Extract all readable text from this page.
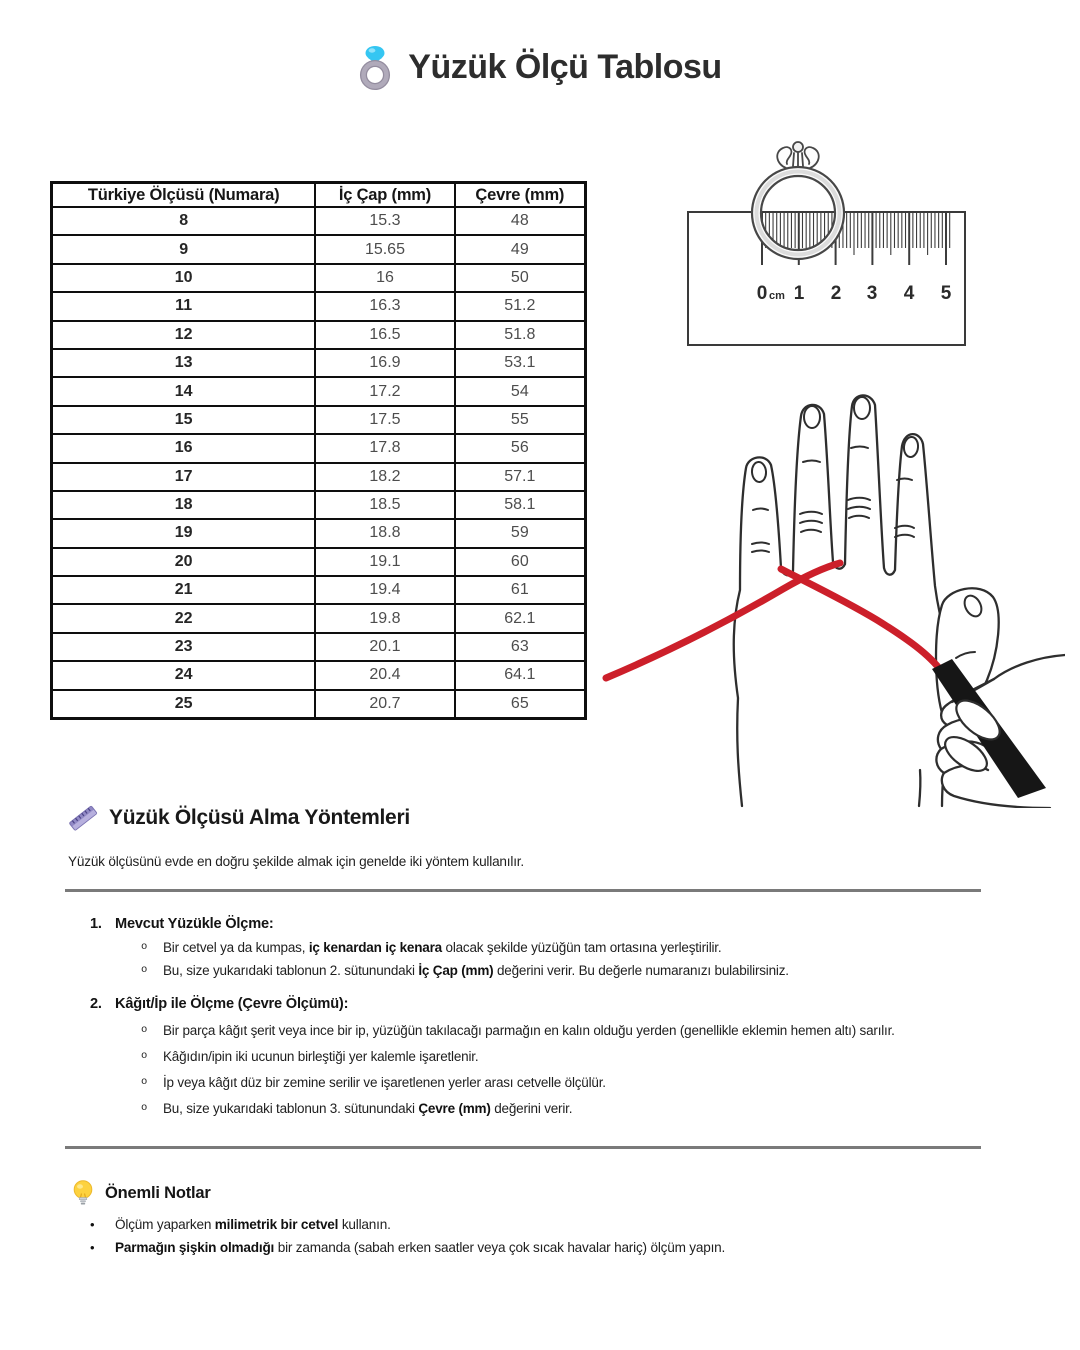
Yüzük Ölçü Tablosu
Türkiye Ölçüsü (Numara)	İç Çap (mm)	Çevre (mm)
8	15.3	48
9	15.65	49
10	16	50
11	16.3	51.2
12	16.5	51.8
13	16.9	53.1
14	17.2	54
15	17.5	55
16	17.8	56
17	18.2	57.1
18	18.5	58.1
19	18.8	59
20	19.1	60
21	19.4	61
22	19.8	62.1
23	20.1	63
24	20.4	64.1
25	20.7	65
0 cm 1 2 3 4 5
Yüzük Ölçüsü Alma Yöntemleri
Yüzük ölçüsünü evde en doğru şekilde almak için genelde iki yöntem kullanılır.
1. Mevcut Yüzükle Ölçme:
o	Bir cetvel ya da kumpas, iç kenardan iç kenara olacak şekilde yüzüğün tam ortasına yerleştirilir.
o	Bu, size yukarıdaki tablonun 2. sütunundaki İç Çap (mm) değerini verir. Bu değerle numaranızı bulabilirsiniz.
2. Kâğıt/İp ile Ölçme (Çevre Ölçümü):
o	Bir parça kâğıt şerit veya ince bir ip, yüzüğün takılacağı parmağın en kalın olduğu yerden (genellikle eklemin hemen altı) sarılır.
o	Kâğıdın/ipin iki ucunun birleştiği yer kalemle işaretlenir.
o	İp veya kâğıt düz bir zemine serilir ve işaretlenen yerler arası cetvelle ölçülür.
o	Bu, size yukarıdaki tablonun 3. sütunundaki Çevre (mm) değerini verir.
Önemli Notlar
•	Ölçüm yaparken milimetrik bir cetvel kullanın.
•	Parmağın şişkin olmadığı bir zamanda (sabah erken saatler veya çok sıcak havalar hariç) ölçüm yapın.
